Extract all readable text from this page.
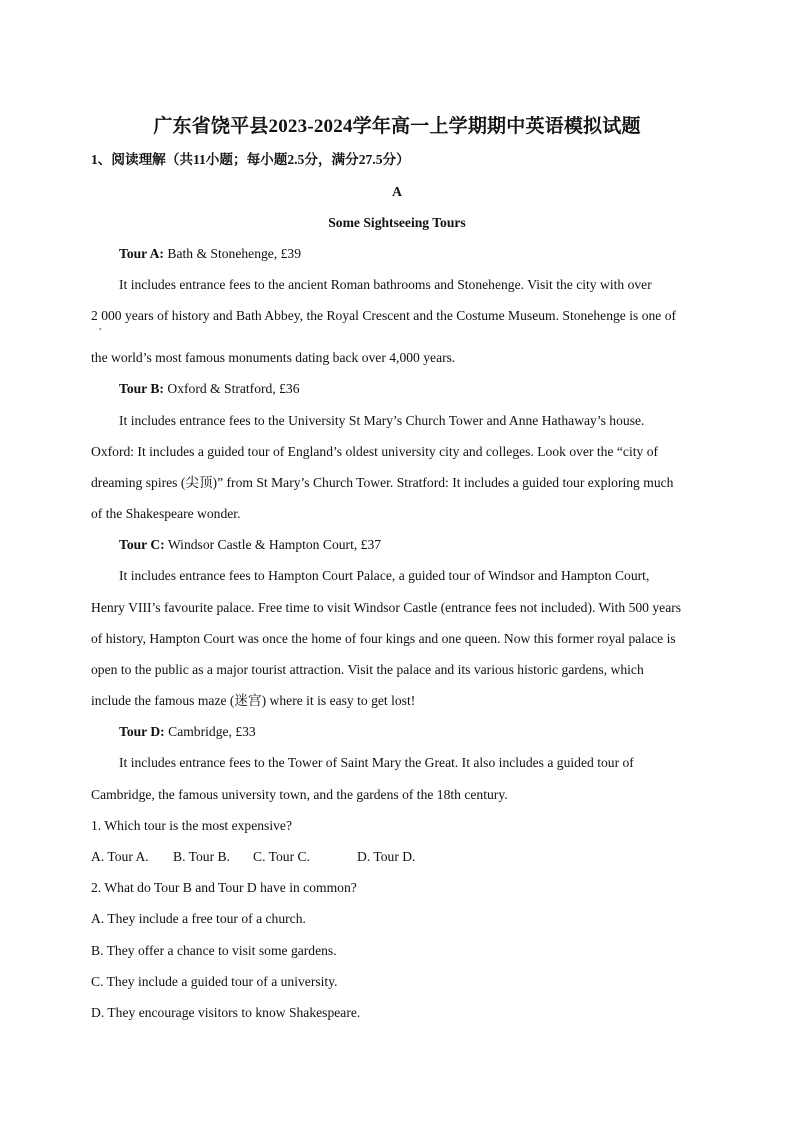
广东省饶平县2023-2024学年高一上学期期中英语模拟试题
1、阅读理解（共11小题；每小题2.5分，满分27.5分）
A
Some Sightseeing Tours
Tour A: Bath & Stonehenge, £39
It includes entrance fees to the ancient Roman bathrooms and Stonehenge. Visit the city with over
2 000 years of history and Bath Abbey, the Royal Crescent and the Costume Museum. Stonehenge is one of
,
the world’s most famous monuments dating back over 4,000 years.
Tour B: Oxford & Stratford, £36
It includes entrance fees to the University St Mary’s Church Tower and Anne Hathaway’s house.
Oxford: It includes a guided tour of England’s oldest university city and colleges. Look over the “city of
dreaming spires (尖顶)” from St Mary’s Church Tower. Stratford: It includes a guided tour exploring much
of the Shakespeare wonder.
Tour C: Windsor Castle & Hampton Court, £37
It includes entrance fees to Hampton Court Palace, a guided tour of Windsor and Hampton Court,
Henry VIII’s favourite palace. Free time to visit Windsor Castle (entrance fees not included). With 500 years
of history, Hampton Court was once the home of four kings and one queen. Now this former royal palace is
open to the public as a major tourist attraction. Visit the palace and its various historic gardens, which
include the famous maze (迷宫) where it is easy to get lost!
Tour D: Cambridge, £33
It includes entrance fees to the Tower of Saint Mary the Great. It also includes a guided tour of
Cambridge, the famous university town, and the gardens of the 18th century.
1. Which tour is the most expensive?
A. Tour A. B. Tour B. C. Tour C.	D. Tour D.
2. What do Tour B and Tour D have in common?
A. They include a free tour of a church.
B. They offer a chance to visit some gardens.
C. They include a guided tour of a university.
D. They encourage visitors to know Shakespeare.
